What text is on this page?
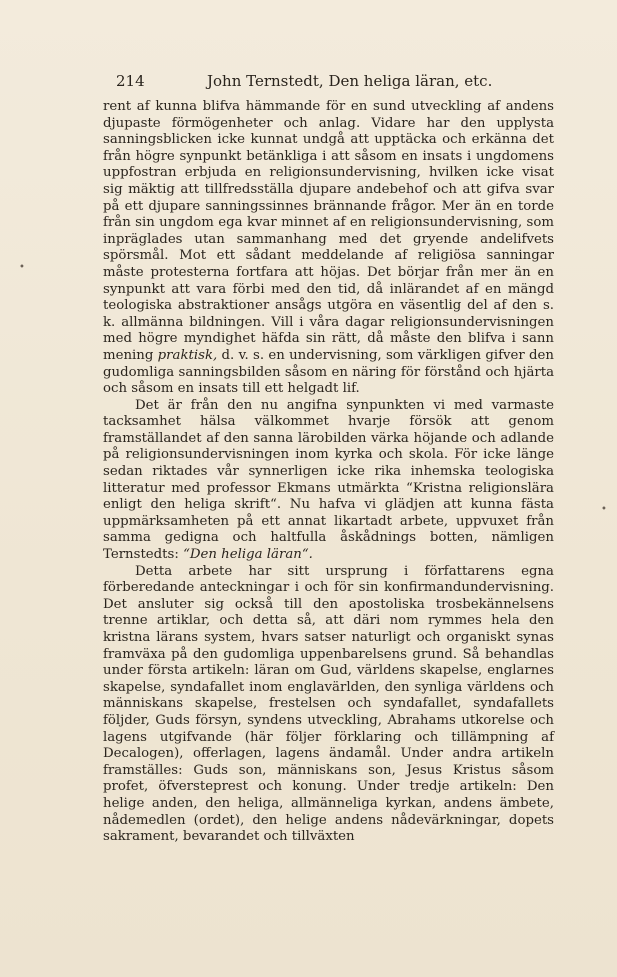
214	John Ternstedt, Den heliga läran, etc.
•
•

rent af kunna blifva hämmande för en sund utveckling af andens djupaste förmögenheter och anlag. Vidare har den upplysta sanningsblicken icke kunnat undgå att upptäcka och erkänna det från högre synpunkt betänkliga i att såsom en insats i ungdomens uppfostran erbjuda en religionsundervisning, hvilken icke visat sig mäktig att tillfredsställa djupare andebehof och att gifva svar på ett djupare sanningssinnes brännande frågor. Mer än en torde från sin ungdom ega kvar minnet af en religionsundervisning, som inpräglades utan sammanhang med det gryende andelifvets spörsmål. Mot ett sådant meddelande af religiösa sanningar måste protesterna fortfara att höjas. Det börjar från mer än en synpunkt att vara förbi med den tid, då inlärandet af en mängd teologiska abstraktioner ansågs utgöra en väsentlig del af den s. k. allmänna bildningen. Vill i våra dagar religionsundervisningen med högre myndighet häfda sin rätt, då måste den blifva i sann mening praktisk, d. v. s. en undervisning, som värkligen gifver den gudomliga sanningsbilden såsom en näring för förstånd och hjärta och såsom en insats till ett helgadt lif.

Det är från den nu angifna synpunkten vi med varmaste tacksamhet hälsa välkommet hvarje försök att genom framställandet af den sanna lärobilden värka höjande och adlande på religionsundervisningen inom kyrka och skola. För icke länge sedan riktades vår synnerligen icke rika inhemska teologiska litteratur med professor Ekmans utmärkta “Kristna religionslära enligt den heliga skrift“. Nu hafva vi glädjen att kunna fästa uppmärksamheten på ett annat likartadt arbete, uppvuxet från samma gedigna och haltfulla åskådnings botten, nämligen Ternstedts: “Den heliga läran“.

Detta arbete har sitt ursprung i författarens egna förberedande anteckningar i och för sin konfirmandundervisning. Det ansluter sig också till den apostoliska trosbekännelsens trenne artiklar, och detta så, att däri nom rymmes hela den kristna lärans system, hvars satser naturligt och organiskt synas framväxa på den gudomliga uppenbarelsens grund. Så behandlas under första artikeln: läran om Gud, världens skapelse, englarnes skapelse, syndafallet inom englavärlden, den synliga världens och människans skapelse, frestelsen och syndafallet, syndafallets följder, Guds försyn, syndens utveckling, Abrahams utkorelse och lagens utgifvande (här följer förklaring och tillämpning af Decalogen), offerlagen, lagens ändamål. Under andra artikeln framställes: Guds son, människans son, Jesus Kristus såsom profet, öfversteprest och konung. Under tredje artikeln: Den helige anden, den heliga, allmänneliga kyrkan, andens ämbete, nådemedlen (ordet), den helige andens nådevärkningar, dopets sakrament, bevarandet och tillväxten
